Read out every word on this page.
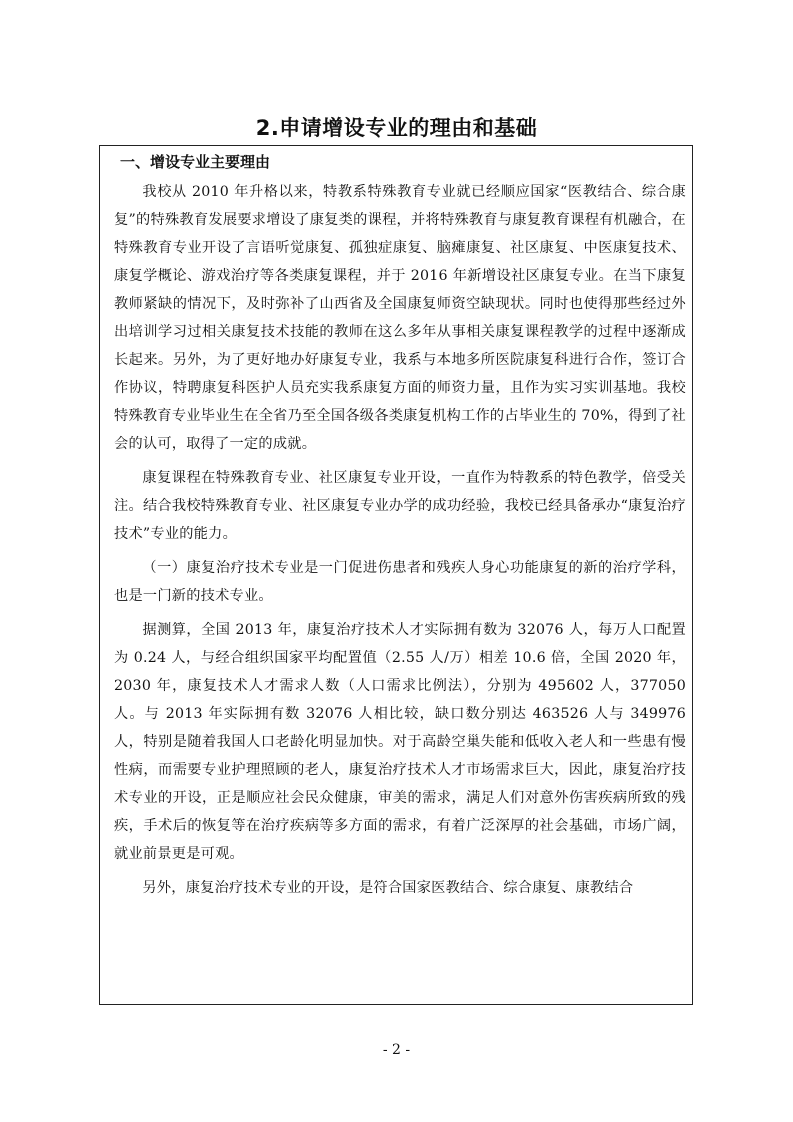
2.申请增设专业的理由和基础
一、增设专业主要理由

我校从 2010 年升格以来，特教系特殊教育专业就已经顺应国家“医教结合、综合康复”的特殊教育发展要求增设了康复类的课程，并将特殊教育与康复教育课程有机融合，在特殊教育专业开设了言语听觉康复、孤独症康复、脑瘫康复、社区康复、中医康复技术、康复学概论、游戏治疗等各类康复课程，并于 2016 年新增设社区康复专业。在当下康复教师紧缺的情况下，及时弥补了山西省及全国康复师资空缺现状。同时也使得那些经过外出培训学习过相关康复技术技能的教师在这么多年从事相关康复课程教学的过程中逐渐成长起来。另外，为了更好地办好康复专业，我系与本地多所医院康复科进行合作，签订合作协议，特聘康复科医护人员充实我系康复方面的师资力量，且作为实习实训基地。我校特殊教育专业毕业生在全省乃至全国各级各类康复机构工作的占毕业生的 70%，得到了社会的认可，取得了一定的成就。

康复课程在特殊教育专业、社区康复专业开设，一直作为特教系的特色教学，倍受关注。结合我校特殊教育专业、社区康复专业办学的成功经验，我校已经具备承办“康复治疗技术”专业的能力。

（一）康复治疗技术专业是一门促进伤患者和残疾人身心功能康复的新的治疗学科，也是一门新的技术专业。

据测算，全国 2013 年，康复治疗技术人才实际拥有数为 32076 人，每万人口配置为 0.24 人，与经合组织国家平均配置值（2.55 人/万）相差 10.6 倍，全国 2020 年，2030 年，康复技术人才需求人数（人口需求比例法），分别为 495602 人，377050 人。与 2013 年实际拥有数 32076 人相比较，缺口数分别达 463526 人与 349976 人，特别是随着我国人口老龄化明显加快。对于高龄空巢失能和低收入老人和一些患有慢性病，而需要专业护理照顾的老人，康复治疗技术人才市场需求巨大，因此，康复治疗技术专业的开设，正是顺应社会民众健康，审美的需求，满足人们对意外伤害疾病所致的残疾，手术后的恢复等在治疗疾病等多方面的需求，有着广泛深厚的社会基础，市场广阔，就业前景更是可观。

另外，康复治疗技术专业的开设，是符合国家医教结合、综合康复、康教结合

- 2 -
